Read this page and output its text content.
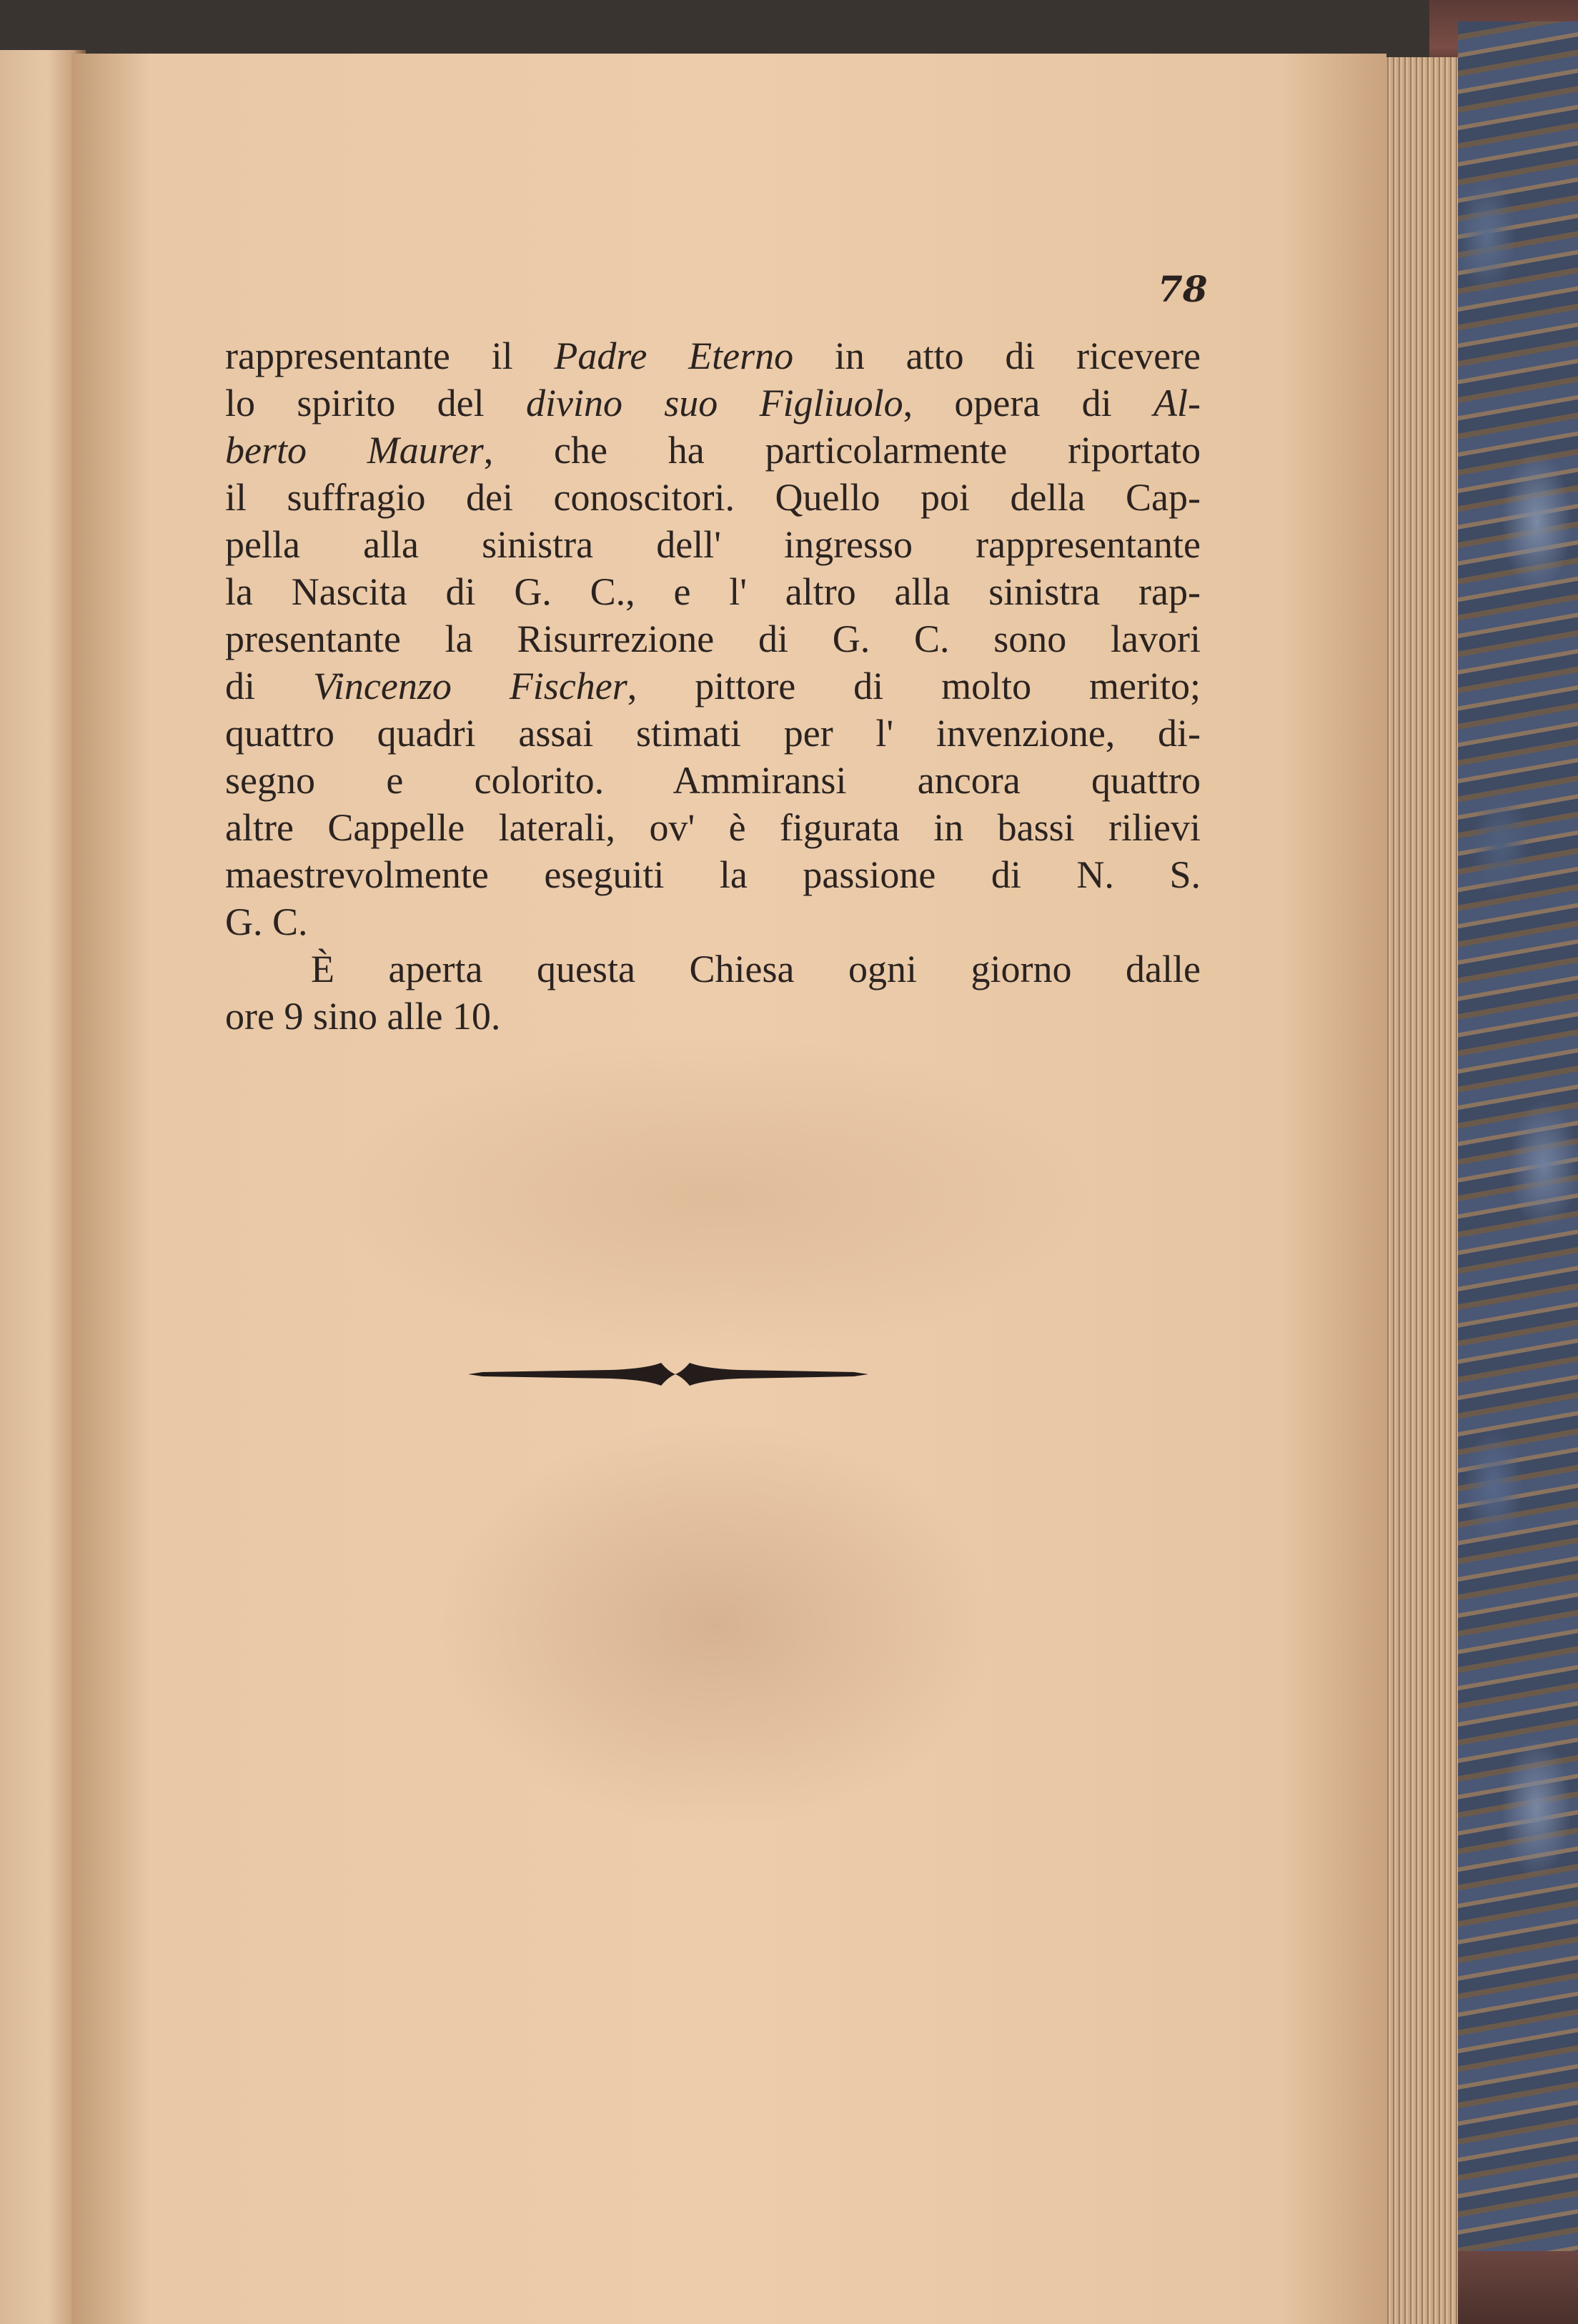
78
rappresentante il Padre Eterno in atto di ricevere
lo spirito del divino suo Figliuolo, opera di Al-
berto Maurer, che ha particolarmente riportato
il suffragio dei conoscitori. Quello poi della Cap-
pella alla sinistra dell' ingresso rappresentante
la Nascita di G. C., e l' altro alla sinistra rap-
presentante la Risurrezione di G. C. sono lavori
di Vincenzo Fischer, pittore di molto merito;
quattro quadri assai stimati per l' invenzione, di-
segno e colorito. Ammiransi ancora quattro
altre Cappelle laterali, ov' è figurata in bassi rilievi
maestrevolmente eseguiti la passione di N. S.
G. C.
È aperta questa Chiesa ogni giorno dalle
ore 9 sino alle 10.
